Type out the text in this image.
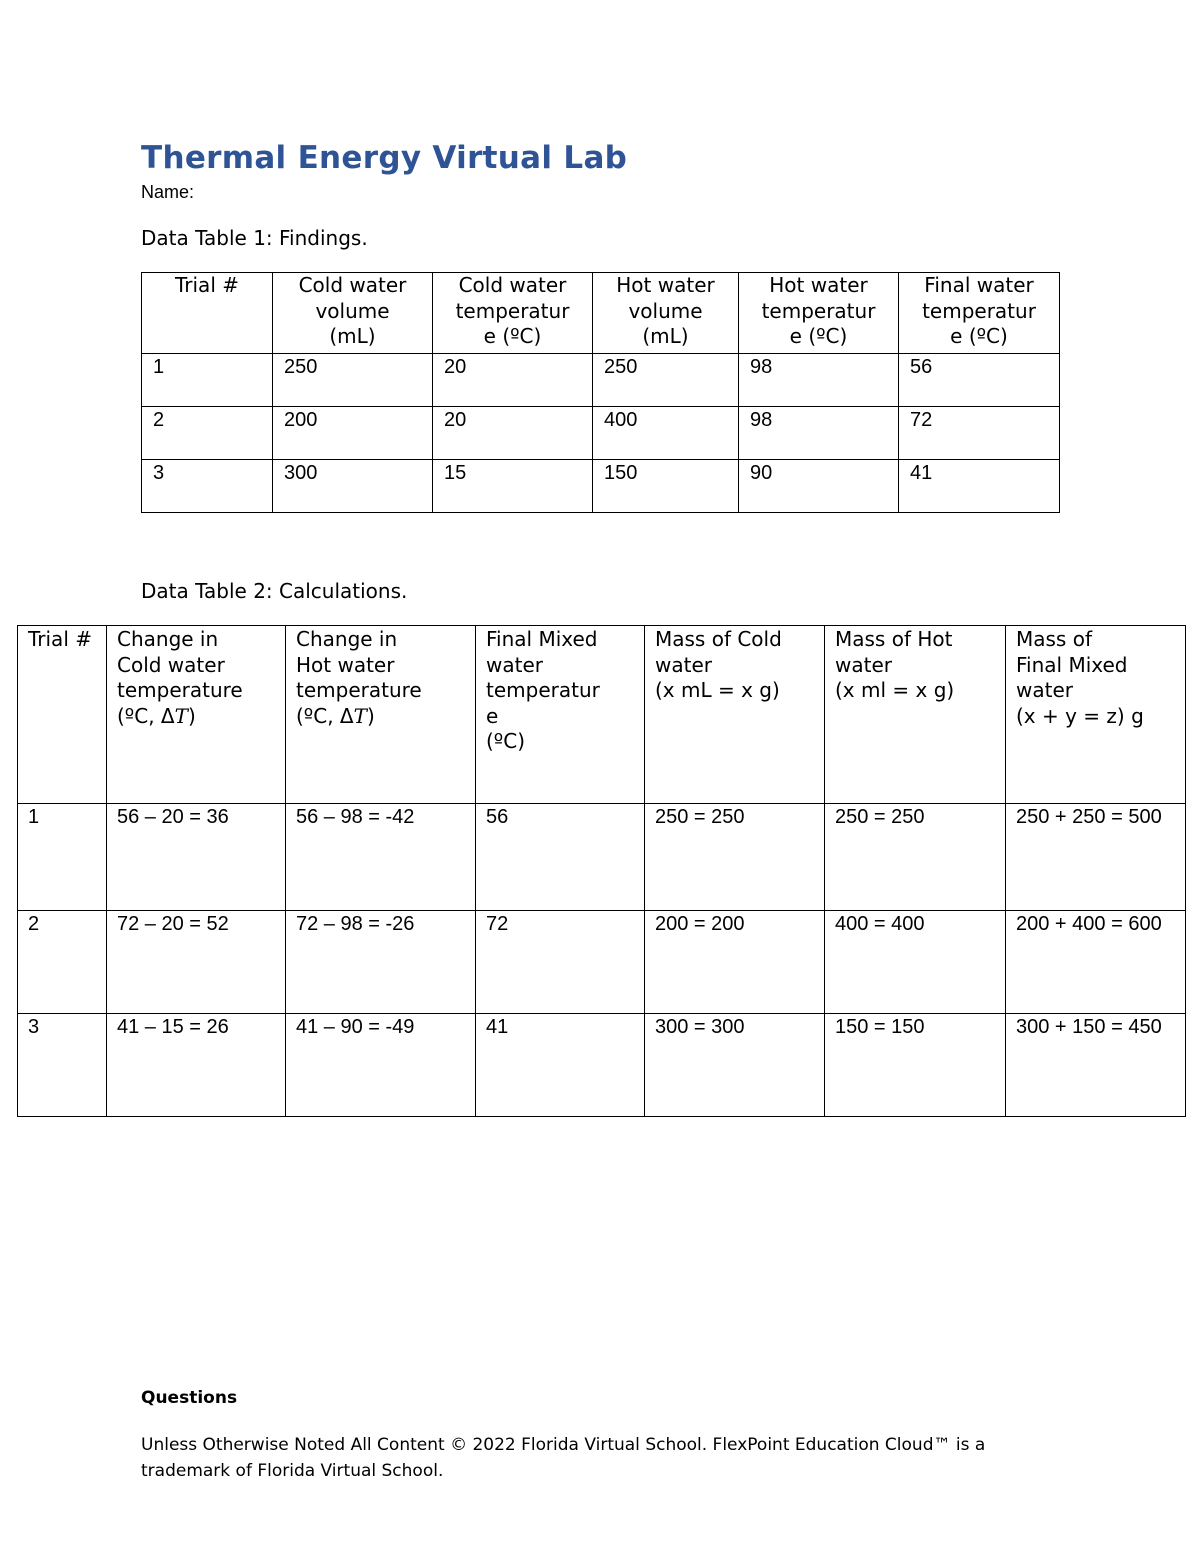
Thermal Energy Virtual Lab
Name:
Data Table 1: Findings.
Trial #	Cold water
volume
(mL)	Cold water
temperatur
e (ºC)	Hot water
volume
(mL)	Hot water
temperatur
e (ºC)	Final water
temperatur
e (ºC)
1	250	20	250	98	56
2	200	20	400	98	72
3	300	15	150	90	41
Data Table 2: Calculations.
Trial #	Change in
Cold water
temperature
(ºC, ΔT)	Change in
Hot water
temperature
(ºC, ΔT)	Final Mixed
water
temperatur
e
(ºC)	Mass of Cold
water
(x mL = x g)	Mass of Hot
water
(x ml = x g)	Mass of
Final Mixed
water
(x + y = z) g
1	56 – 20 = 36	56 – 98 = -42	56	250 = 250	250 = 250	250 + 250 = 500
2	72 – 20 = 52	72 – 98 = -26	72	200 = 200	400 = 400	200 + 400 = 600
3	41 – 15 = 26	41 – 90 = -49	41	300 = 300	150 = 150	300 + 150 = 450
Questions
Unless Otherwise Noted All Content © 2022 Florida Virtual School. FlexPoint Education Cloud™ is a trademark of Florida Virtual School.
